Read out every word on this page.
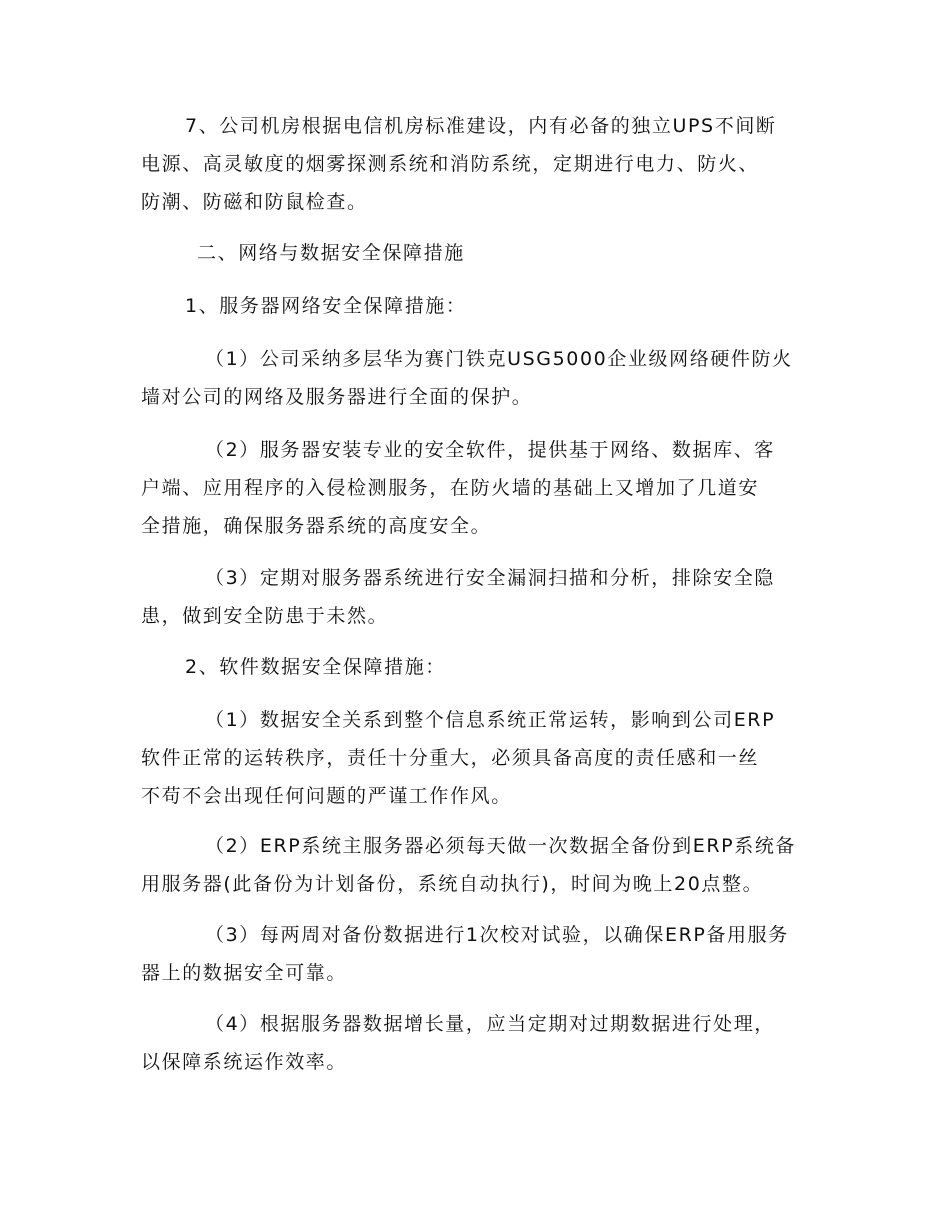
7、公司机房根据电信机房标准建设，内有必备的独立UPS不间断
电源、高灵敏度的烟雾探测系统和消防系统，定期进行电力、防火、
防潮、防磁和防鼠检查。
二、网络与数据安全保障措施
1、服务器网络安全保障措施：
（1）公司采纳多层华为赛门铁克USG5000企业级网络硬件防火
墙对公司的网络及服务器进行全面的保护。
（2）服务器安装专业的安全软件，提供基于网络、数据库、客
户端、应用程序的入侵检测服务，在防火墙的基础上又增加了几道安
全措施，确保服务器系统的高度安全。
（3）定期对服务器系统进行安全漏洞扫描和分析，排除安全隐
患，做到安全防患于未然。
2、软件数据安全保障措施：
（1）数据安全关系到整个信息系统正常运转，影响到公司ERP
软件正常的运转秩序，责任十分重大，必须具备高度的责任感和一丝
不苟不会出现任何问题的严谨工作作风。
（2）ERP系统主服务器必须每天做一次数据全备份到ERP系统备
用服务器(此备份为计划备份，系统自动执行)，时间为晚上20点整。
（3）每两周对备份数据进行1次校对试验，以确保ERP备用服务
器上的数据安全可靠。
（4）根据服务器数据增长量，应当定期对过期数据进行处理，
以保障系统运作效率。
